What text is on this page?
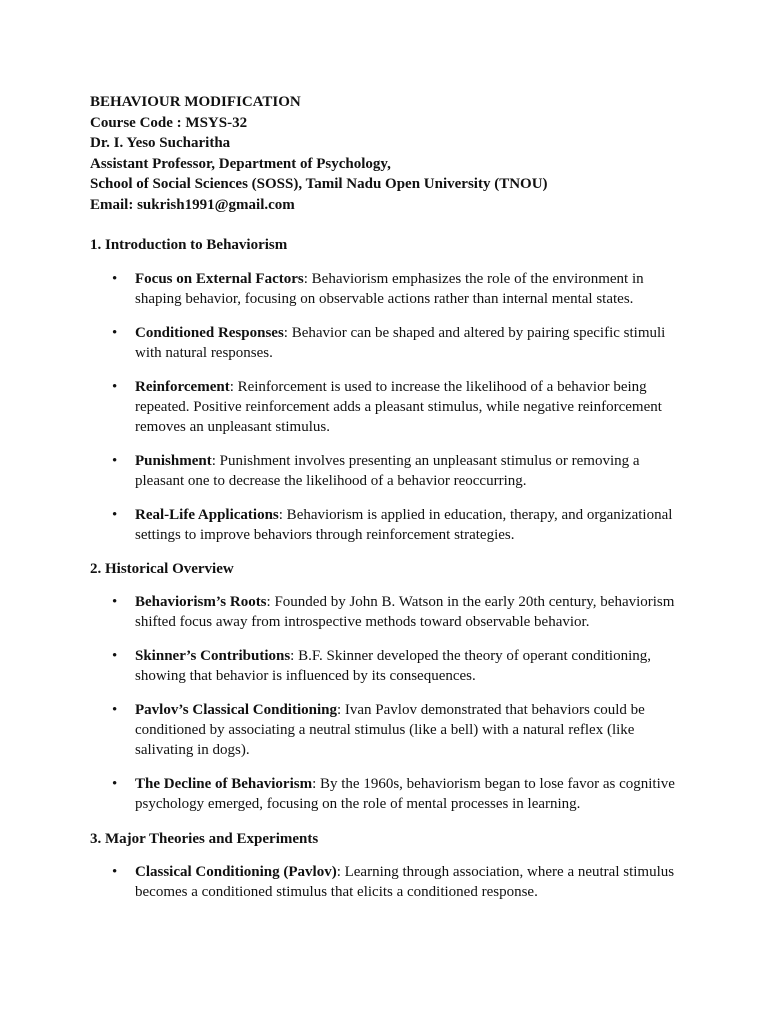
BEHAVIOUR MODIFICATION
Course Code : MSYS-32
Dr. I. Yeso Sucharitha
Assistant Professor, Department of Psychology,
School of Social Sciences (SOSS), Tamil Nadu Open University (TNOU)
Email: sukrish1991@gmail.com
1. Introduction to Behaviorism
• Focus on External Factors: Behaviorism emphasizes the role of the environment in shaping behavior, focusing on observable actions rather than internal mental states.
• Conditioned Responses: Behavior can be shaped and altered by pairing specific stimuli with natural responses.
• Reinforcement: Reinforcement is used to increase the likelihood of a behavior being repeated. Positive reinforcement adds a pleasant stimulus, while negative reinforcement removes an unpleasant stimulus.
• Punishment: Punishment involves presenting an unpleasant stimulus or removing a pleasant one to decrease the likelihood of a behavior reoccurring.
• Real-Life Applications: Behaviorism is applied in education, therapy, and organizational settings to improve behaviors through reinforcement strategies.
2. Historical Overview
• Behaviorism’s Roots: Founded by John B. Watson in the early 20th century, behaviorism shifted focus away from introspective methods toward observable behavior.
• Skinner’s Contributions: B.F. Skinner developed the theory of operant conditioning, showing that behavior is influenced by its consequences.
• Pavlov’s Classical Conditioning: Ivan Pavlov demonstrated that behaviors could be conditioned by associating a neutral stimulus (like a bell) with a natural reflex (like salivating in dogs).
• The Decline of Behaviorism: By the 1960s, behaviorism began to lose favor as cognitive psychology emerged, focusing on the role of mental processes in learning.
3. Major Theories and Experiments
• Classical Conditioning (Pavlov): Learning through association, where a neutral stimulus becomes a conditioned stimulus that elicits a conditioned response.
